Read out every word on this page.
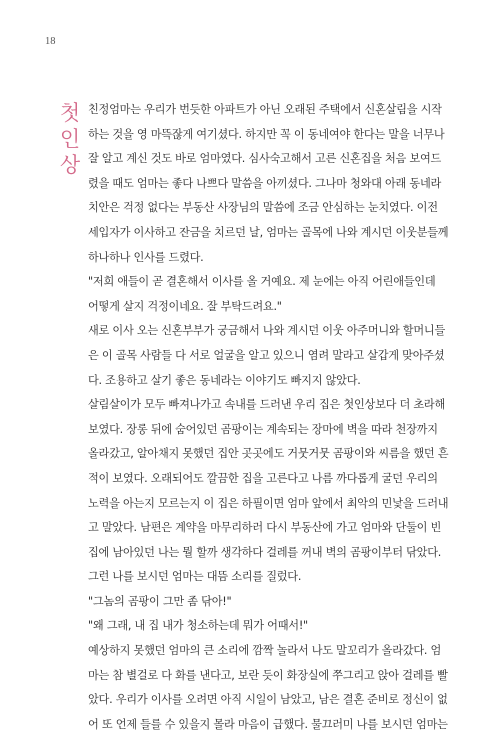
18
첫
인
상
친정엄마는 우리가 번듯한 아파트가 아닌 오래된 주택에서 신혼살림을 시작
하는 것을 영 마뜩잖게 여기셨다. 하지만 꼭 이 동네여야 한다는 말을 너무나
잘 알고 계신 것도 바로 엄마였다. 심사숙고해서 고른 신혼집을 처음 보여드
렸을 때도 엄마는 좋다 나쁘다 말씀을 아끼셨다. 그나마 청와대 아래 동네라
치안은 걱정 없다는 부동산 사장님의 말씀에 조금 안심하는 눈치였다. 이전
세입자가 이사하고 잔금을 치르던 날, 엄마는 골목에 나와 계시던 이웃분들께
하나하나 인사를 드렸다.
"저희 애들이 곧 결혼해서 이사를 올 거예요. 제 눈에는 아직 어린애들인데
어떻게 살지 걱정이네요. 잘 부탁드려요."
새로 이사 오는 신혼부부가 궁금해서 나와 계시던 이웃 아주머니와 할머니들
은 이 골목 사람들 다 서로 얼굴을 알고 있으니 염려 말라고 살갑게 맞아주셨
다. 조용하고 살기 좋은 동네라는 이야기도 빠지지 않았다.
살림살이가 모두 빠져나가고 속내를 드러낸 우리 집은 첫인상보다 더 초라해
보였다. 장롱 뒤에 숨어있던 곰팡이는 계속되는 장마에 벽을 따라 천장까지
올라갔고, 알아채지 못했던 집안 곳곳에도 거뭇거뭇 곰팡이와 씨름을 했던 흔
적이 보였다. 오래되어도 깔끔한 집을 고른다고 나름 까다롭게 굴던 우리의
노력을 아는지 모르는지 이 집은 하필이면 엄마 앞에서 최악의 민낯을 드러내
고 말았다. 남편은 계약을 마무리하러 다시 부동산에 가고 엄마와 단둘이 빈
집에 남아있던 나는 뭘 할까 생각하다 걸레를 꺼내 벽의 곰팡이부터 닦았다.
그런 나를 보시던 엄마는 대뜸 소리를 질렀다.
"그놈의 곰팡이 그만 좀 닦아!"
"왜 그래, 내 집 내가 청소하는데 뭐가 어때서!"
예상하지 못했던 엄마의 큰 소리에 깜짝 놀라서 나도 말꼬리가 올라갔다. 엄
마는 참 별걸로 다 화를 낸다고, 보란 듯이 화장실에 쭈그리고 앉아 걸레를 빨
았다. 우리가 이사를 오려면 아직 시일이 남았고, 남은 결혼 준비로 정신이 없
어 또 언제 들를 수 있을지 몰라 마음이 급했다. 물끄러미 나를 보시던 엄마는
